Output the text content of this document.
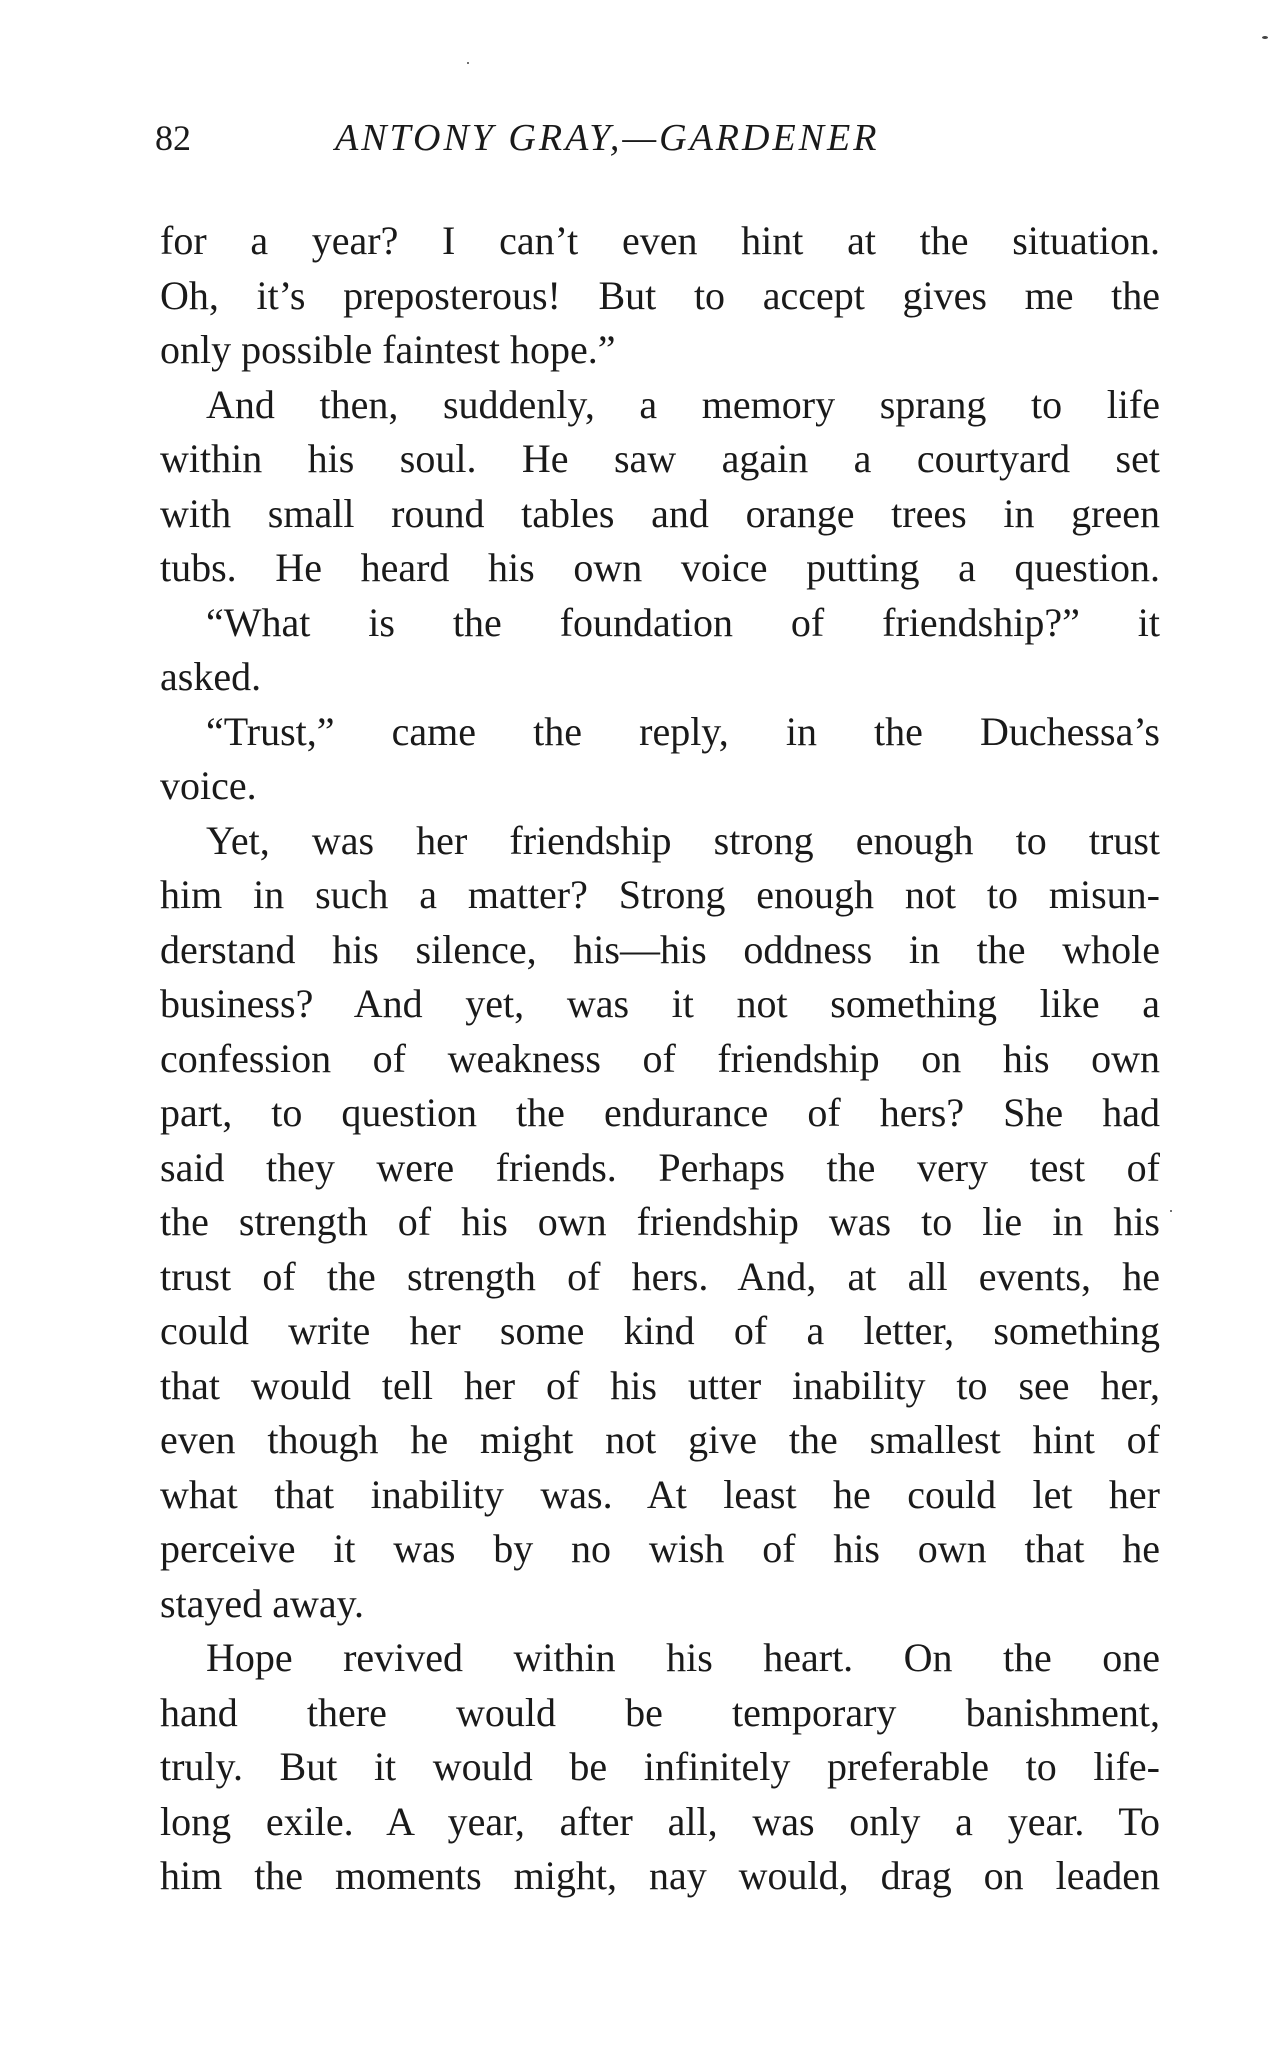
82	ANTONY GRAY,—GARDENER
for a year? I can’t even hint at the situation.
Oh, it’s preposterous! But to accept gives me the
only possible faintest hope.”
And then, suddenly, a memory sprang to life
within his soul. He saw again a courtyard set
with small round tables and orange trees in green
tubs. He heard his own voice putting a question.
“What is the foundation of friendship?” it
asked.
“Trust,” came the reply, in the Duchessa’s
voice.
Yet, was her friendship strong enough to trust
him in such a matter? Strong enough not to misun-
derstand his silence, his—his oddness in the whole
business? And yet, was it not something like a
confession of weakness of friendship on his own
part, to question the endurance of hers? She had
said they were friends. Perhaps the very test of
the strength of his own friendship was to lie in his
trust of the strength of hers. And, at all events, he
could write her some kind of a letter, something
that would tell her of his utter inability to see her,
even though he might not give the smallest hint of
what that inability was. At least he could let her
perceive it was by no wish of his own that he
stayed away.
Hope revived within his heart. On the one
hand there would be temporary banishment,
truly. But it would be infinitely preferable to life-
long exile. A year, after all, was only a year. To
him the moments might, nay would, drag on leaden
